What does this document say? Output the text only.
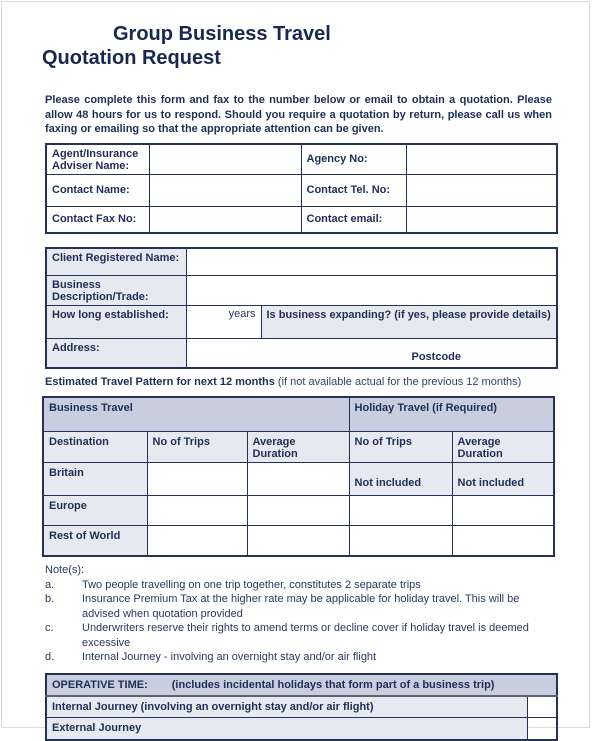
Group Business Travel
Quotation Request

Please complete this form and fax to the number below or email to obtain a quotation. Please allow 48 hours for us to respond. Should you require a quotation by return, please call us when faxing or emailing so that the appropriate attention can be given.

Agent/Insurance Adviser Name:		Agency No:	
Contact Name:		Contact Tel. No:	
Contact Fax No:		Contact email:	
Client Registered Name:		
Business Description/Trade:		
How long established:	years	Is business expanding? (if yes, please provide details)
Address:	Postcode	
Estimated Travel Pattern for next 12 months (if not available actual for the previous 12 months)
Business Travel			Holiday Travel (if Required)	
Destination	No of Trips	Average Duration	No of Trips	Average Duration
Britain			Not included	Not included
Europe				
Rest of World				
Note(s):
a.	Two people travelling on one trip together, constitutes 2 separate trips
b.	Insurance Premium Tax at the higher rate may be applicable for holiday travel. This will be advised when quotation provided
c.	Underwriters reserve their rights to amend terms or decline cover if holiday travel is deemed excessive
d.	Internal Journey - involving an overnight stay and/or air flight
OPERATIVE TIME: (includes incidental holidays that form part of a business trip)	
Internal Journey (involving an overnight stay and/or air flight)	
External Journey	
